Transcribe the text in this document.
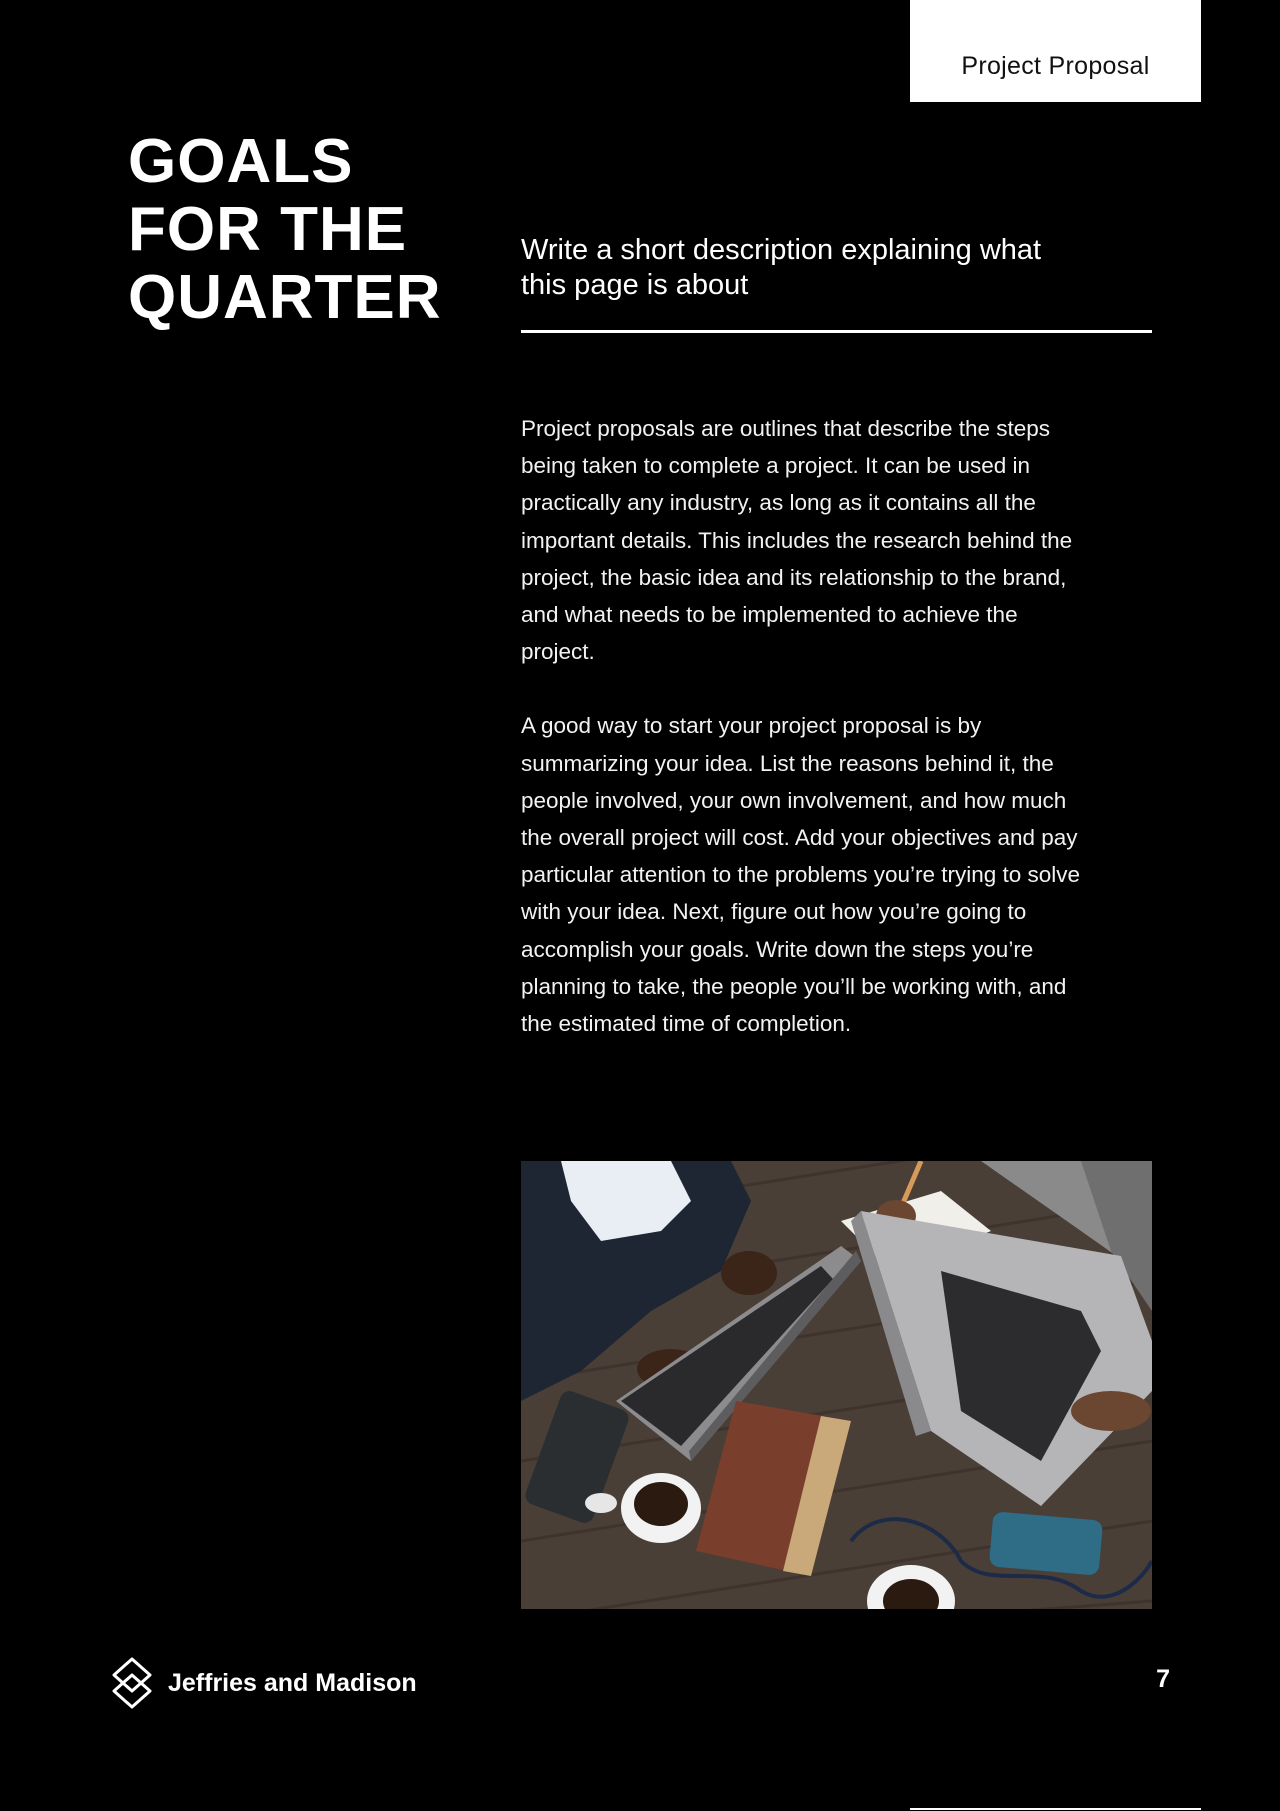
Project Proposal
GOALS
FOR THE
QUARTER

Write a short description explaining what this page is about

Project proposals are outlines that describe the steps being taken to complete a project. It can be used in practically any industry, as long as it contains all the important details. This includes the research behind the project, the basic idea and its relationship to the brand, and what needs to be implemented to achieve the project.

A good way to start your project proposal is by summarizing your idea. List the reasons behind it, the people involved, your own involvement, and how much the overall project will cost. Add your objectives and pay particular attention to the problems you’re trying to solve with your idea. Next, figure out how you’re going to accomplish your goals. Write down the steps you’re planning to take, the people you’ll be working with, and the estimated time of completion.

Jeffries and Madison	7
